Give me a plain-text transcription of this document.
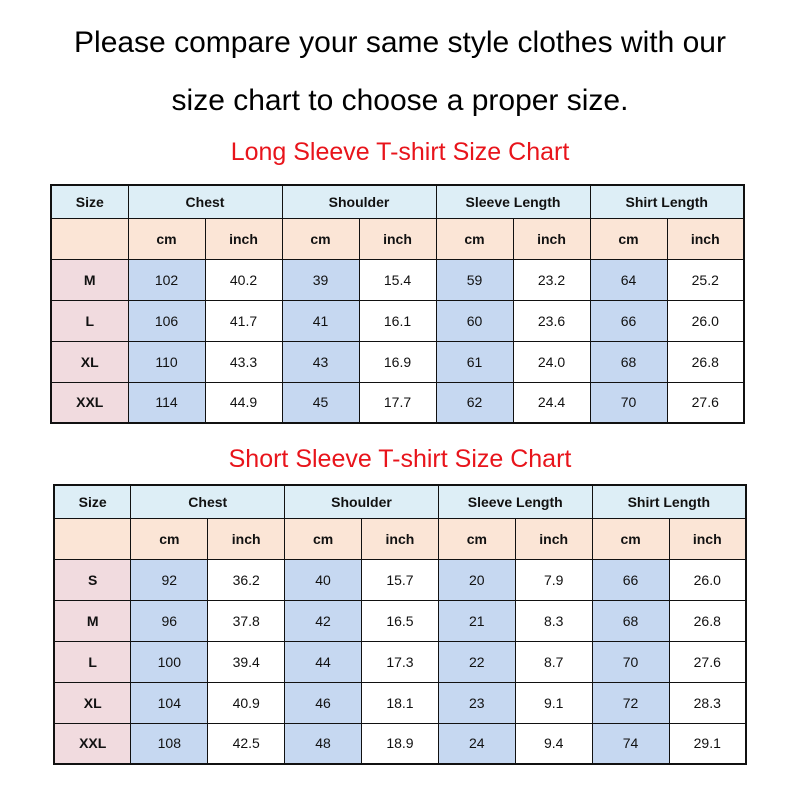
Please compare your same style clothes with our
size chart to choose a proper size.
Long Sleeve T-shirt Size Chart
Size	Chest		Shoulder		Sleeve Length		Shirt Length	
	cm	inch	cm	inch	cm	inch	cm	inch
M	102	40.2	39	15.4	59	23.2	64	25.2
L	106	41.7	41	16.1	60	23.6	66	26.0
XL	110	43.3	43	16.9	61	24.0	68	26.8
XXL	114	44.9	45	17.7	62	24.4	70	27.6
Short Sleeve T-shirt Size Chart
Size	Chest		Shoulder		Sleeve Length		Shirt Length	
	cm	inch	cm	inch	cm	inch	cm	inch
S	92	36.2	40	15.7	20	7.9	66	26.0
M	96	37.8	42	16.5	21	8.3	68	26.8
L	100	39.4	44	17.3	22	8.7	70	27.6
XL	104	40.9	46	18.1	23	9.1	72	28.3
XXL	108	42.5	48	18.9	24	9.4	74	29.1
